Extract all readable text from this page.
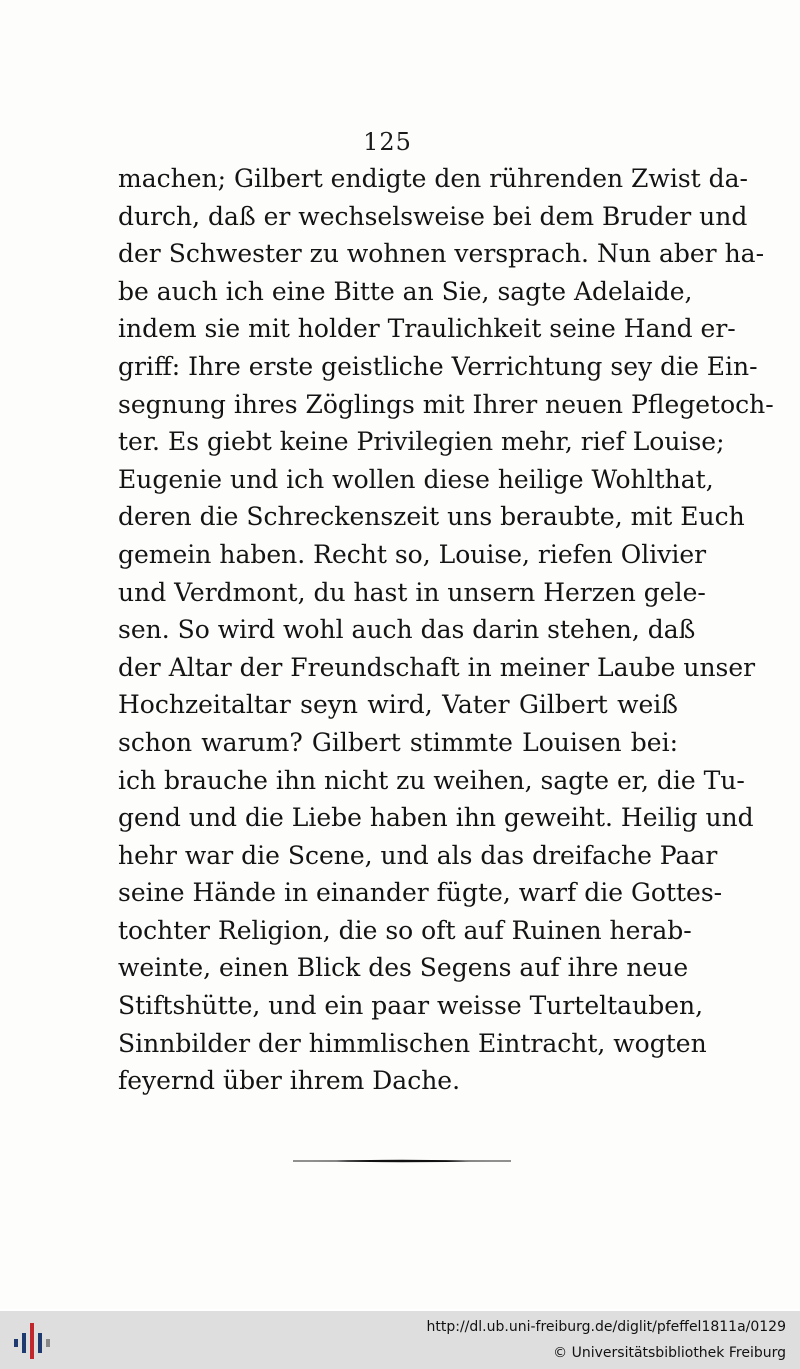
125
machen; Gilbert endigte den rührenden Zwist da-
durch, daß er wechselsweise bei dem Bruder und
der Schwester zu wohnen versprach. Nun aber ha-
be auch ich eine Bitte an Sie, sagte Adelaide,
indem sie mit holder Traulichkeit seine Hand er-
griff: Ihre erste geistliche Verrichtung sey die Ein-
segnung ihres Zöglings mit Ihrer neuen Pflegetoch-
ter. Es giebt keine Privilegien mehr, rief Louise;
Eugenie und ich wollen diese heilige Wohlthat,
deren die Schreckenszeit uns beraubte, mit Euch
gemein haben. Recht so, Louise, riefen Olivier
und Verdmont, du hast in unsern Herzen gele-
sen. So wird wohl auch das darin stehen, daß
der Altar der Freundschaft in meiner Laube unser
Hochzeitaltar seyn wird, Vater Gilbert weiß
schon warum? Gilbert stimmte Louisen bei:
ich brauche ihn nicht zu weihen, sagte er, die Tu-
gend und die Liebe haben ihn geweiht. Heilig und
hehr war die Scene, und als das dreifache Paar
seine Hände in einander fügte, warf die Gottes-
tochter Religion, die so oft auf Ruinen herab-
weinte, einen Blick des Segens auf ihre neue
Stiftshütte, und ein paar weisse Turteltauben,
Sinnbilder der himmlischen Eintracht, wogten
feyernd über ihrem Dache.
http://dl.ub.uni-freiburg.de/diglit/pfeffel1811a/0129
© Universitätsbibliothek Freiburg
